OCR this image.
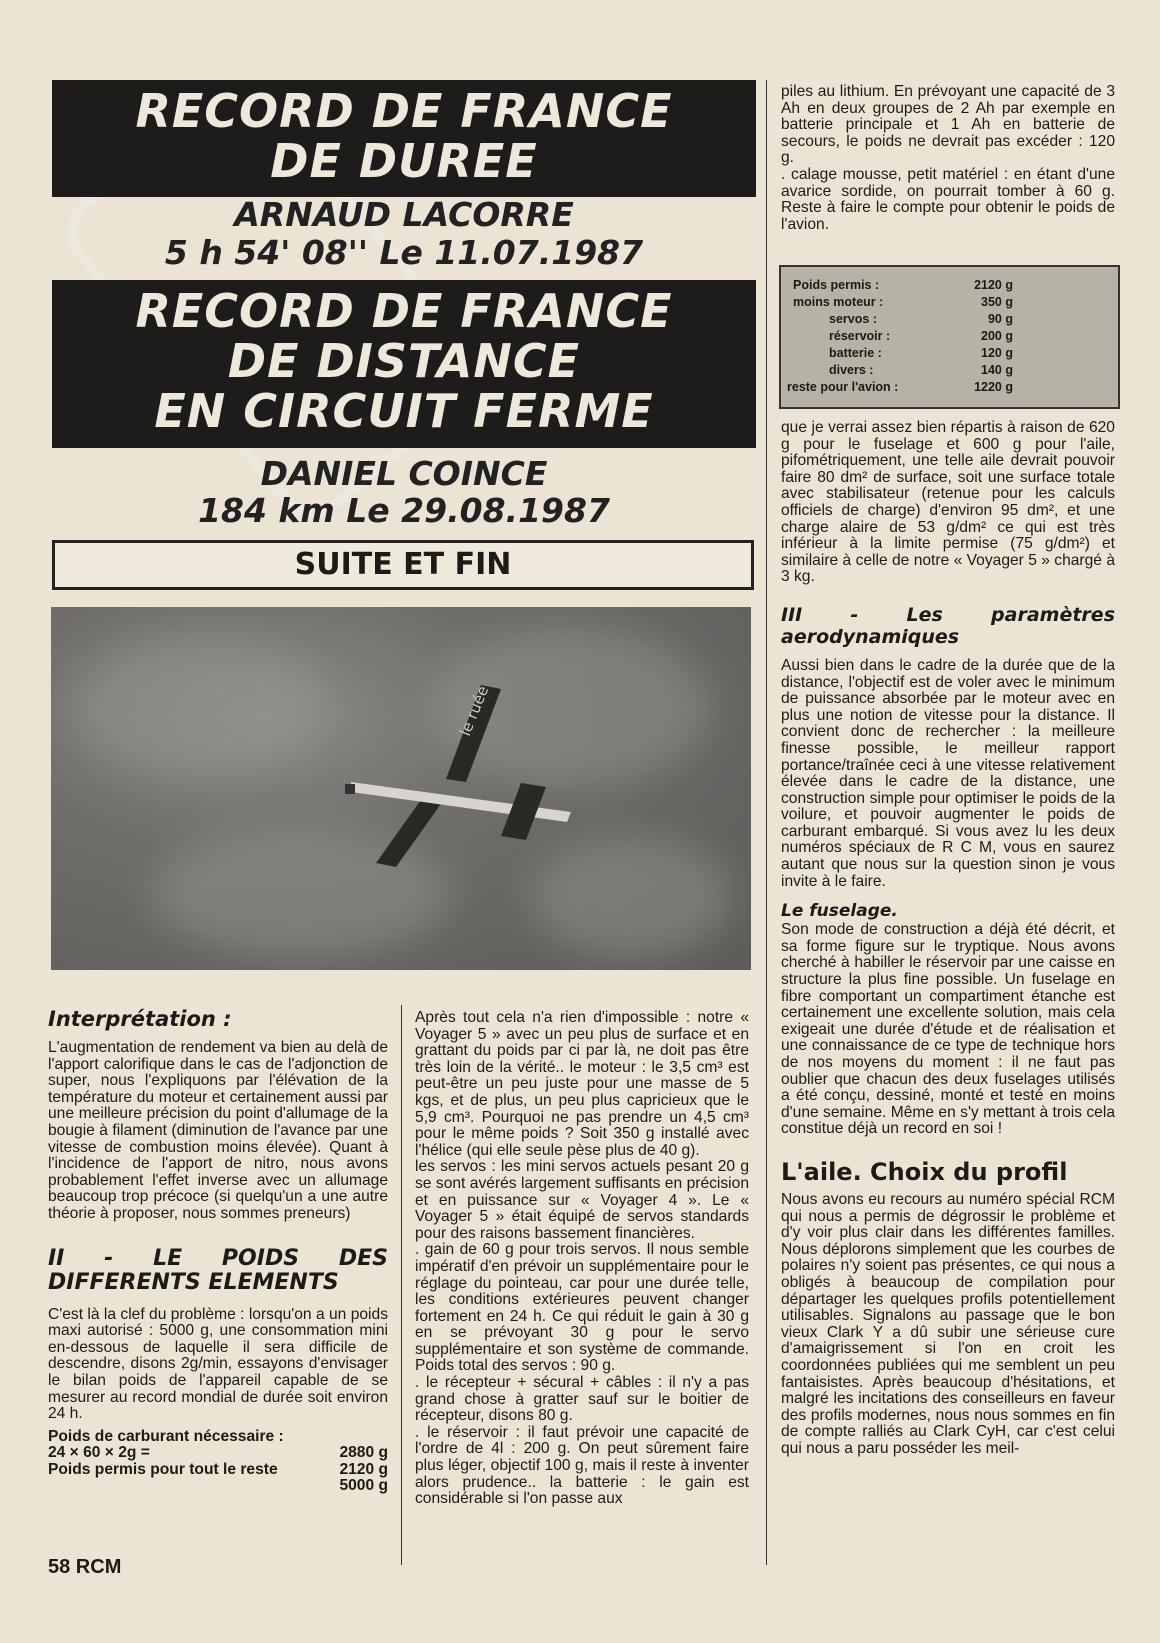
RECORD DE FRANCE
DE DUREE
ARNAUD LACORRE
5 h 54' 08'' Le 11.07.1987
RECORD DE FRANCE
DE DISTANCE
EN CIRCUIT FERME
DANIEL COINCE
184 km Le 29.08.1987
SUITE ET FIN
le ruée

Interprétation :

L'augmentation de rendement va bien au delà de l'apport calorifique dans le cas de l'adjonction de super, nous l'expliquons par l'élévation de la température du moteur et certainement aussi par une meilleure précision du point d'allumage de la bougie à filament (diminution de l'avance par une vitesse de combustion moins élevée). Quant à l'incidence de l'apport de nitro, nous avons probablement l'effet inverse avec un allumage beaucoup trop précoce (si quelqu'un a une autre théorie à proposer, nous sommes preneurs)

II - LE POIDS DES DIFFERENTS ELEMENTS

C'est là la clef du problème : lorsqu'on a un poids maxi autorisé : 5000 g, une consommation mini en-dessous de laquelle il sera difficile de descendre, disons 2g/min, essayons d'envisager le bilan poids de l'appareil capable de se mesurer au record mondial de durée soit environ 24 h.

Poids de carburant nécessaire :

24 × 60 × 2g =	2880 g
Poids permis pour tout le reste	2120 g
5000 g

Après tout cela n'a rien d'impossible : notre « Voyager 5 » avec un peu plus de surface et en grattant du poids par ci par là, ne doit pas être très loin de la vérité.. le moteur : le 3,5 cm³ est peut-être un peu juste pour une masse de 5 kgs, et de plus, un peu plus capricieux que le 5,9 cm³. Pourquoi ne pas prendre un 4,5 cm³ pour le même poids ? Soit 350 g installé avec l'hélice (qui elle seule pèse plus de 40 g).

les servos : les mini servos actuels pesant 20 g se sont avérés largement suffisants en précision et en puissance sur « Voyager 4 ». Le « Voyager 5 » était équipé de servos standards pour des raisons bassement financières.

. gain de 60 g pour trois servos. Il nous semble impératif d'en prévoir un supplémentaire pour le réglage du pointeau, car pour une durée telle, les conditions extérieures peuvent changer fortement en 24 h. Ce qui réduit le gain à 30 g en se prévoyant 30 g pour le servo supplémentaire et son système de commande. Poids total des servos : 90 g.

. le récepteur + sécural + câbles : il n'y a pas grand chose à gratter sauf sur le boitier de récepteur, disons 80 g.

. le réservoir : il faut prévoir une capacité de l'ordre de 4l : 200 g. On peut sûrement faire plus léger, objectif 100 g, mais il reste à inventer alors prudence.. la batterie : le gain est considérable si l'on passe aux

piles au lithium. En prévoyant une capacité de 3 Ah en deux groupes de 2 Ah par exemple en batterie principale et 1 Ah en batterie de secours, le poids ne devrait pas excéder : 120 g.

. calage mousse, petit matériel : en étant d'une avarice sordide, on pourrait tomber à 60 g. Reste à faire le compte pour obtenir le poids de l'avion.

Poids permis :	2120 g
moins moteur :	350 g
servos :	90 g
réservoir :	200 g
batterie :	120 g
divers :	140 g
reste pour l'avion :	1220 g

que je verrai assez bien répartis à raison de 620 g pour le fuselage et 600 g pour l'aile, pifométriquement, une telle aile devrait pouvoir faire 80 dm² de surface, soit une surface totale avec stabilisateur (retenue pour les calculs officiels de charge) d'environ 95 dm², et une charge alaire de 53 g/dm² ce qui est très inférieur à la limite permise (75 g/dm²) et similaire à celle de notre « Voyager 5 » chargé à 3 kg.

III - Les paramètres aerodynamiques

Aussi bien dans le cadre de la durée que de la distance, l'objectif est de voler avec le minimum de puissance absorbée par le moteur avec en plus une notion de vitesse pour la distance. Il convient donc de rechercher : la meilleure finesse possible, le meilleur rapport portance/traînée ceci à une vitesse relativement élevée dans le cadre de la distance, une construction simple pour optimiser le poids de la voilure, et pouvoir augmenter le poids de carburant embarqué. Si vous avez lu les deux numéros spéciaux de R C M, vous en saurez autant que nous sur la question sinon je vous invite à le faire.

Le fuselage.

Son mode de construction a déjà été décrit, et sa forme figure sur le tryptique. Nous avons cherché à habiller le réservoir par une caisse en structure la plus fine possible. Un fuselage en fibre comportant un compartiment étanche est certainement une excellente solution, mais cela exigeait une durée d'étude et de réalisation et une connaissance de ce type de technique hors de nos moyens du moment : il ne faut pas oublier que chacun des deux fuselages utilisés a été conçu, dessiné, monté et testé en moins d'une semaine. Même en s'y mettant à trois cela constitue déjà un record en soi !

L'aile. Choix du profil

Nous avons eu recours au numéro spécial RCM qui nous a permis de dégrossir le problème et d'y voir plus clair dans les différentes familles. Nous déplorons simplement que les courbes de polaires n'y soient pas présentes, ce qui nous a obligés à beaucoup de compilation pour départager les quelques profils potentiellement utilisables. Signalons au passage que le bon vieux Clark Y a dû subir une sérieuse cure d'amaigrissement si l'on en croit les coordonnées publiées qui me semblent un peu fantaisistes. Après beaucoup d'hésitations, et malgré les incitations des conseilleurs en faveur des profils modernes, nous nous sommes en fin de compte ralliés au Clark CyH, car c'est celui qui nous a paru posséder les meil-

58 RCM
